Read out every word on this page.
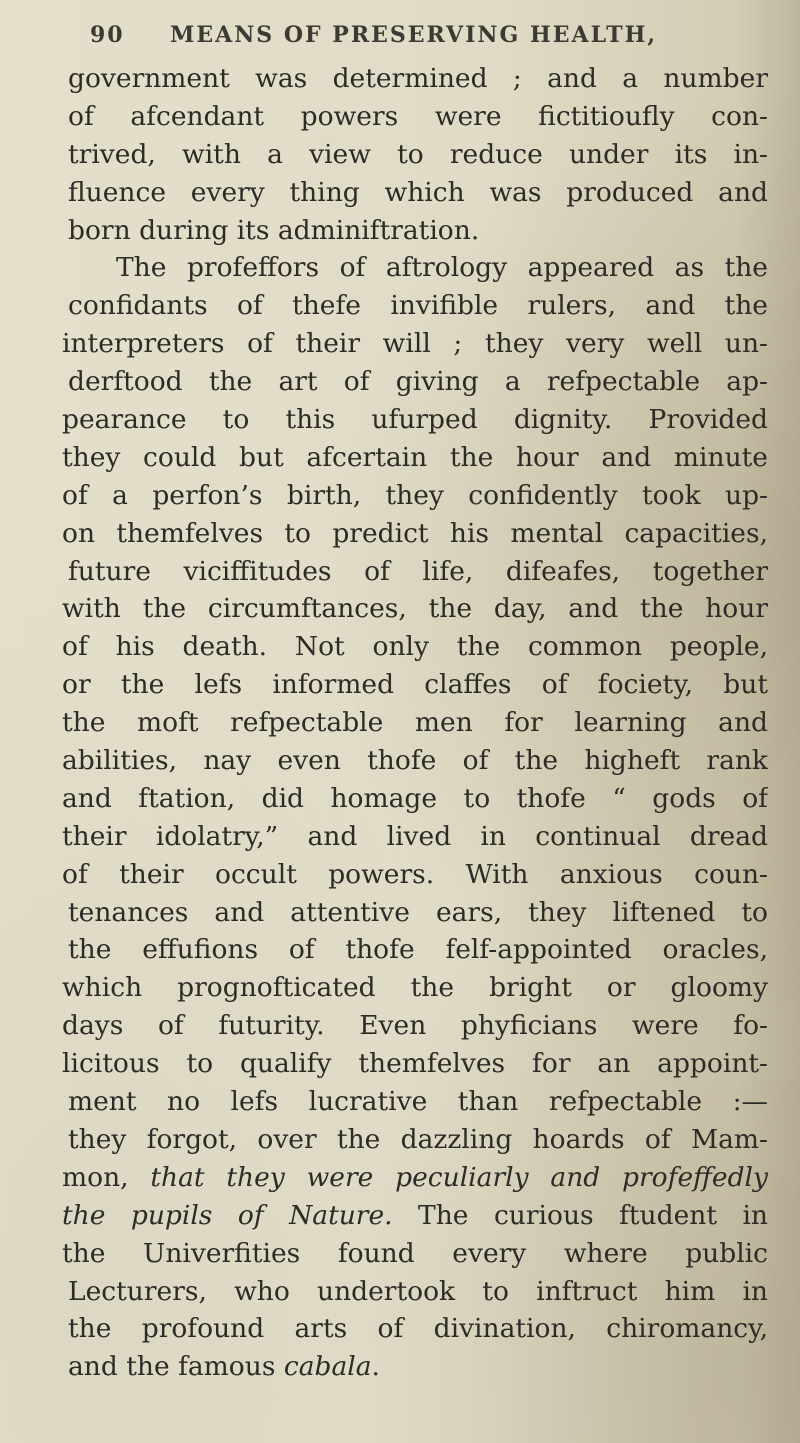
90 MEANS OF PRESERVING HEALTH,
government was determined ; and a number
of afcendant powers were fictitioufly con-
trived, with a view to reduce under its in-
fluence every thing which was produced and
born during its adminiftration.
The profeffors of aftrology appeared as the
confidants of thefe invifible rulers, and the
interpreters of their will ; they very well un-
derftood the art of giving a refpectable ap-
pearance to this ufurped dignity. Provided
they could but afcertain the hour and minute
of a perfon’s birth, they confidently took up-
on themfelves to predict his mental capacities,
future viciffitudes of life, difeafes, together
with the circumftances, the day, and the hour
of his death. Not only the common people,
or the lefs informed claffes of fociety, but
the moft refpectable men for learning and
abilities, nay even thofe of the higheft rank
and ftation, did homage to thofe “ gods of
their idolatry,” and lived in continual dread
of their occult powers. With anxious coun-
tenances and attentive ears, they liftened to
the effufions of thofe felf-appointed oracles,
which prognofticated the bright or gloomy
days of futurity. Even phyficians were fo-
licitous to qualify themfelves for an appoint-
ment no lefs lucrative than refpectable :—
they forgot, over the dazzling hoards of Mam-
mon, that they were peculiarly and profeffedly
the pupils of Nature. The curious ftudent in
the Univerfities found every where public
Lecturers, who undertook to inftruct him in
the profound arts of divination, chiromancy,
and the famous cabala.
